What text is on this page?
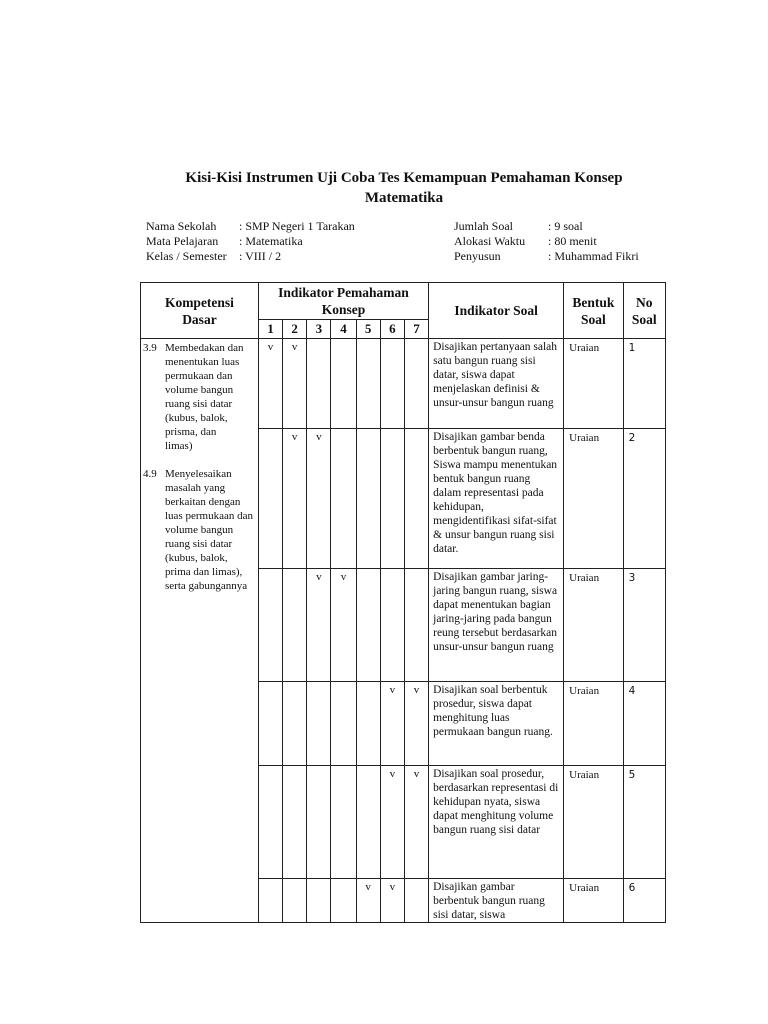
Kisi-Kisi Instrumen Uji Coba Tes Kemampuan Pemahaman Konsep
Matematika
Nama Sekolah : SMP Negeri 1 Tarakan
Mata Pelajaran : Matematika
Kelas / Semester : VIII / 2
Jumlah Soal	: 9 soal
Alokasi Waktu : 80 menit
Penyusun	: Muhammad Fikri
Kompetensi Dasar	Indikator Pemahaman Konsep							Indikator Soal	Bentuk Soal	No Soal
	1	2	3	4	5	6	7			

3.9 Membedakan dan menentukan luas permukaan dan volume bangun ruang sisi datar (kubus, balok, prisma, dan limas)
4.9 Menyelesaikan masalah yang berkaitan dengan luas permukaan dan volume bangun ruang sisi datar (kubus, balok, prima dan limas), serta gabungannya	v	v						Disajikan pertanyaan salah satu bangun ruang sisi datar, siswa dapat menjelaskan definisi & unsur-unsur bangun ruang	Uraian	1
		v	v					Disajikan gambar benda berbentuk bangun ruang, Siswa mampu menentukan bentuk bangun ruang dalam representasi pada kehidupan, mengidentifikasi sifat-sifat & unsur bangun ruang sisi datar.	Uraian	2
			v	v				Disajikan gambar jaring-jaring bangun ruang, siswa dapat menentukan bagian jaring-jaring pada bangun reung tersebut berdasarkan unsur-unsur bangun ruang	Uraian	3
						v	v	Disajikan soal berbentuk prosedur, siswa dapat menghitung luas permukaan bangun ruang.	Uraian	4
						v	v	Disajikan soal prosedur, berdasarkan representasi di kehidupan nyata, siswa dapat menghitung volume bangun ruang sisi datar	Uraian	5
					v	v		Disajikan gambar berbentuk bangun ruang sisi datar, siswa	Uraian	6
